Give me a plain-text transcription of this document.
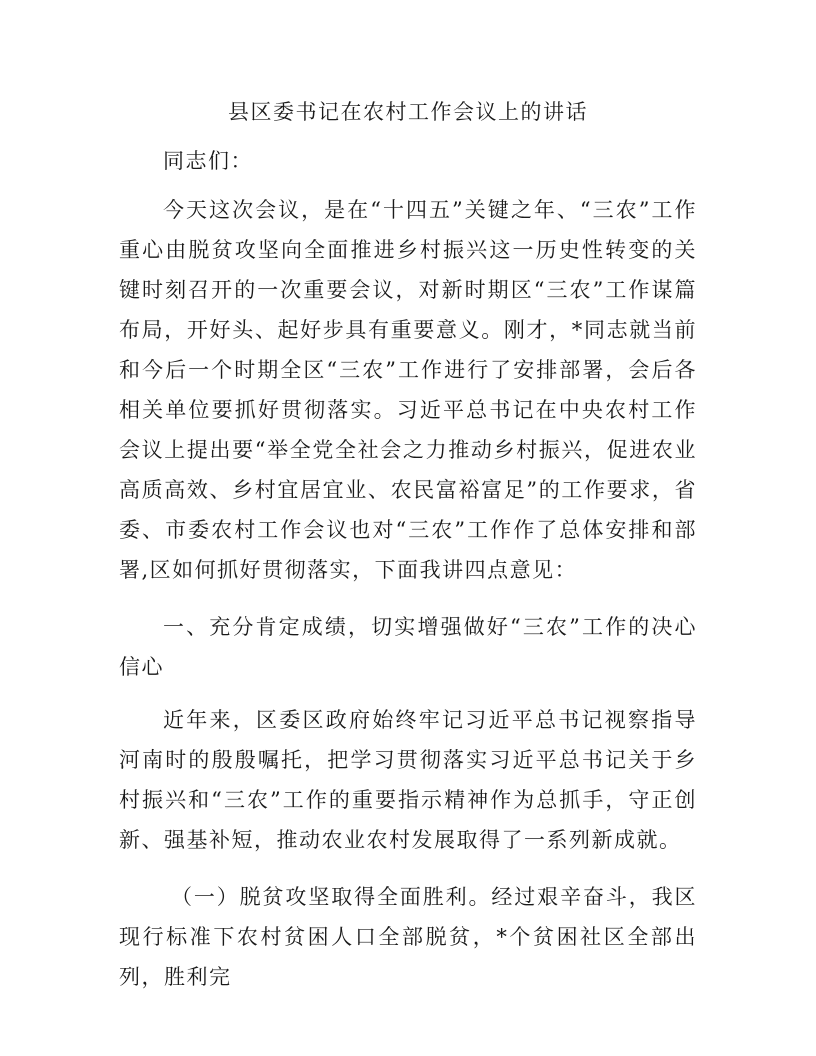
县区委书记在农村工作会议上的讲话

同志们：

今天这次会议，是在“十四五”关键之年、“三农”工作重心由脱贫攻坚向全面推进乡村振兴这一历史性转变的关键时刻召开的一次重要会议，对新时期区“三农”工作谋篇布局，开好头、起好步具有重要意义。刚才，*同志就当前和今后一个时期全区“三农”工作进行了安排部署，会后各相关单位要抓好贯彻落实。习近平总书记在中央农村工作会议上提出要“举全党全社会之力推动乡村振兴，促进农业高质高效、乡村宜居宜业、农民富裕富足”的工作要求，省委、市委农村工作会议也对“三农”工作作了总体安排和部署,区如何抓好贯彻落实，下面我讲四点意见：

一、充分肯定成绩，切实增强做好“三农”工作的决心信心

近年来，区委区政府始终牢记习近平总书记视察指导河南时的殷殷嘱托，把学习贯彻落实习近平总书记关于乡村振兴和“三农”工作的重要指示精神作为总抓手，守正创新、强基补短，推动农业农村发展取得了一系列新成就。

（一）脱贫攻坚取得全面胜利。经过艰辛奋斗，我区现行标准下农村贫困人口全部脱贫，*个贫困社区全部出列，胜利完
